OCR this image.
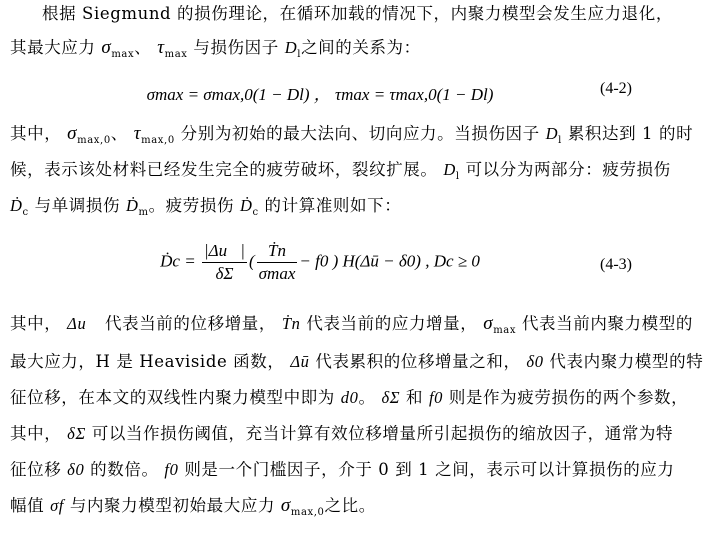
根据 Siegmund 的损伤理论，在循环加载的情况下，内聚力模型会发生应力退化，
其最大应力 $\sigma_{max}$、 $\tau_{max}$ 与损伤因子 $D_l$之间的关系为：
σmax = σmax,0(1 − Dl) ， τmax = τmax,0(1 − Dl)	(4-2)
其中， $\sigma_{max,0}$、 $\tau_{max,0}$ 分别为初始的最大法向、切向应力。当损伤因子 $D_l$ 累积达到 1 的时
候，表示该处材料已经发生完全的疲劳破坏，裂纹扩展。 $D_l$ 可以分为两部分：疲劳损伤
Ḋ$_c$ 与单调损伤 Ḋ$_m$。疲劳损伤 Ḋ$_c$ 的计算准则如下：
Ḋc = $\frac{|\Delta u⃗|}{\delta\Sigma}$ ( $\frac{\text{Ṫn}}{\sigma\max} - f0$ ) H(Δū − δ0) , Dc ≥ 0	(4-3)
其中， Δu⃗ 代表当前的位移增量， Ṫn 代表当前的应力增量， $\sigma_{max}$ 代表当前内聚力模型的
最大应力，H 是 Heaviside 函数， Δū 代表累积的位移增量之和， δ0 代表内聚力模型的特
征位移，在本文的双线性内聚力模型中即为 d0。 δΣ 和 f0 则是作为疲劳损伤的两个参数，
其中， δΣ 可以当作损伤阈值，充当计算有效位移增量所引起损伤的缩放因子，通常为特
征位移 δ0 的数倍。 f0 则是一个门槛因子，介于 0 到 1 之间，表示可以计算损伤的应力
幅值 σf 与内聚力模型初始最大应力 $\sigma_{max,0}$之比。
